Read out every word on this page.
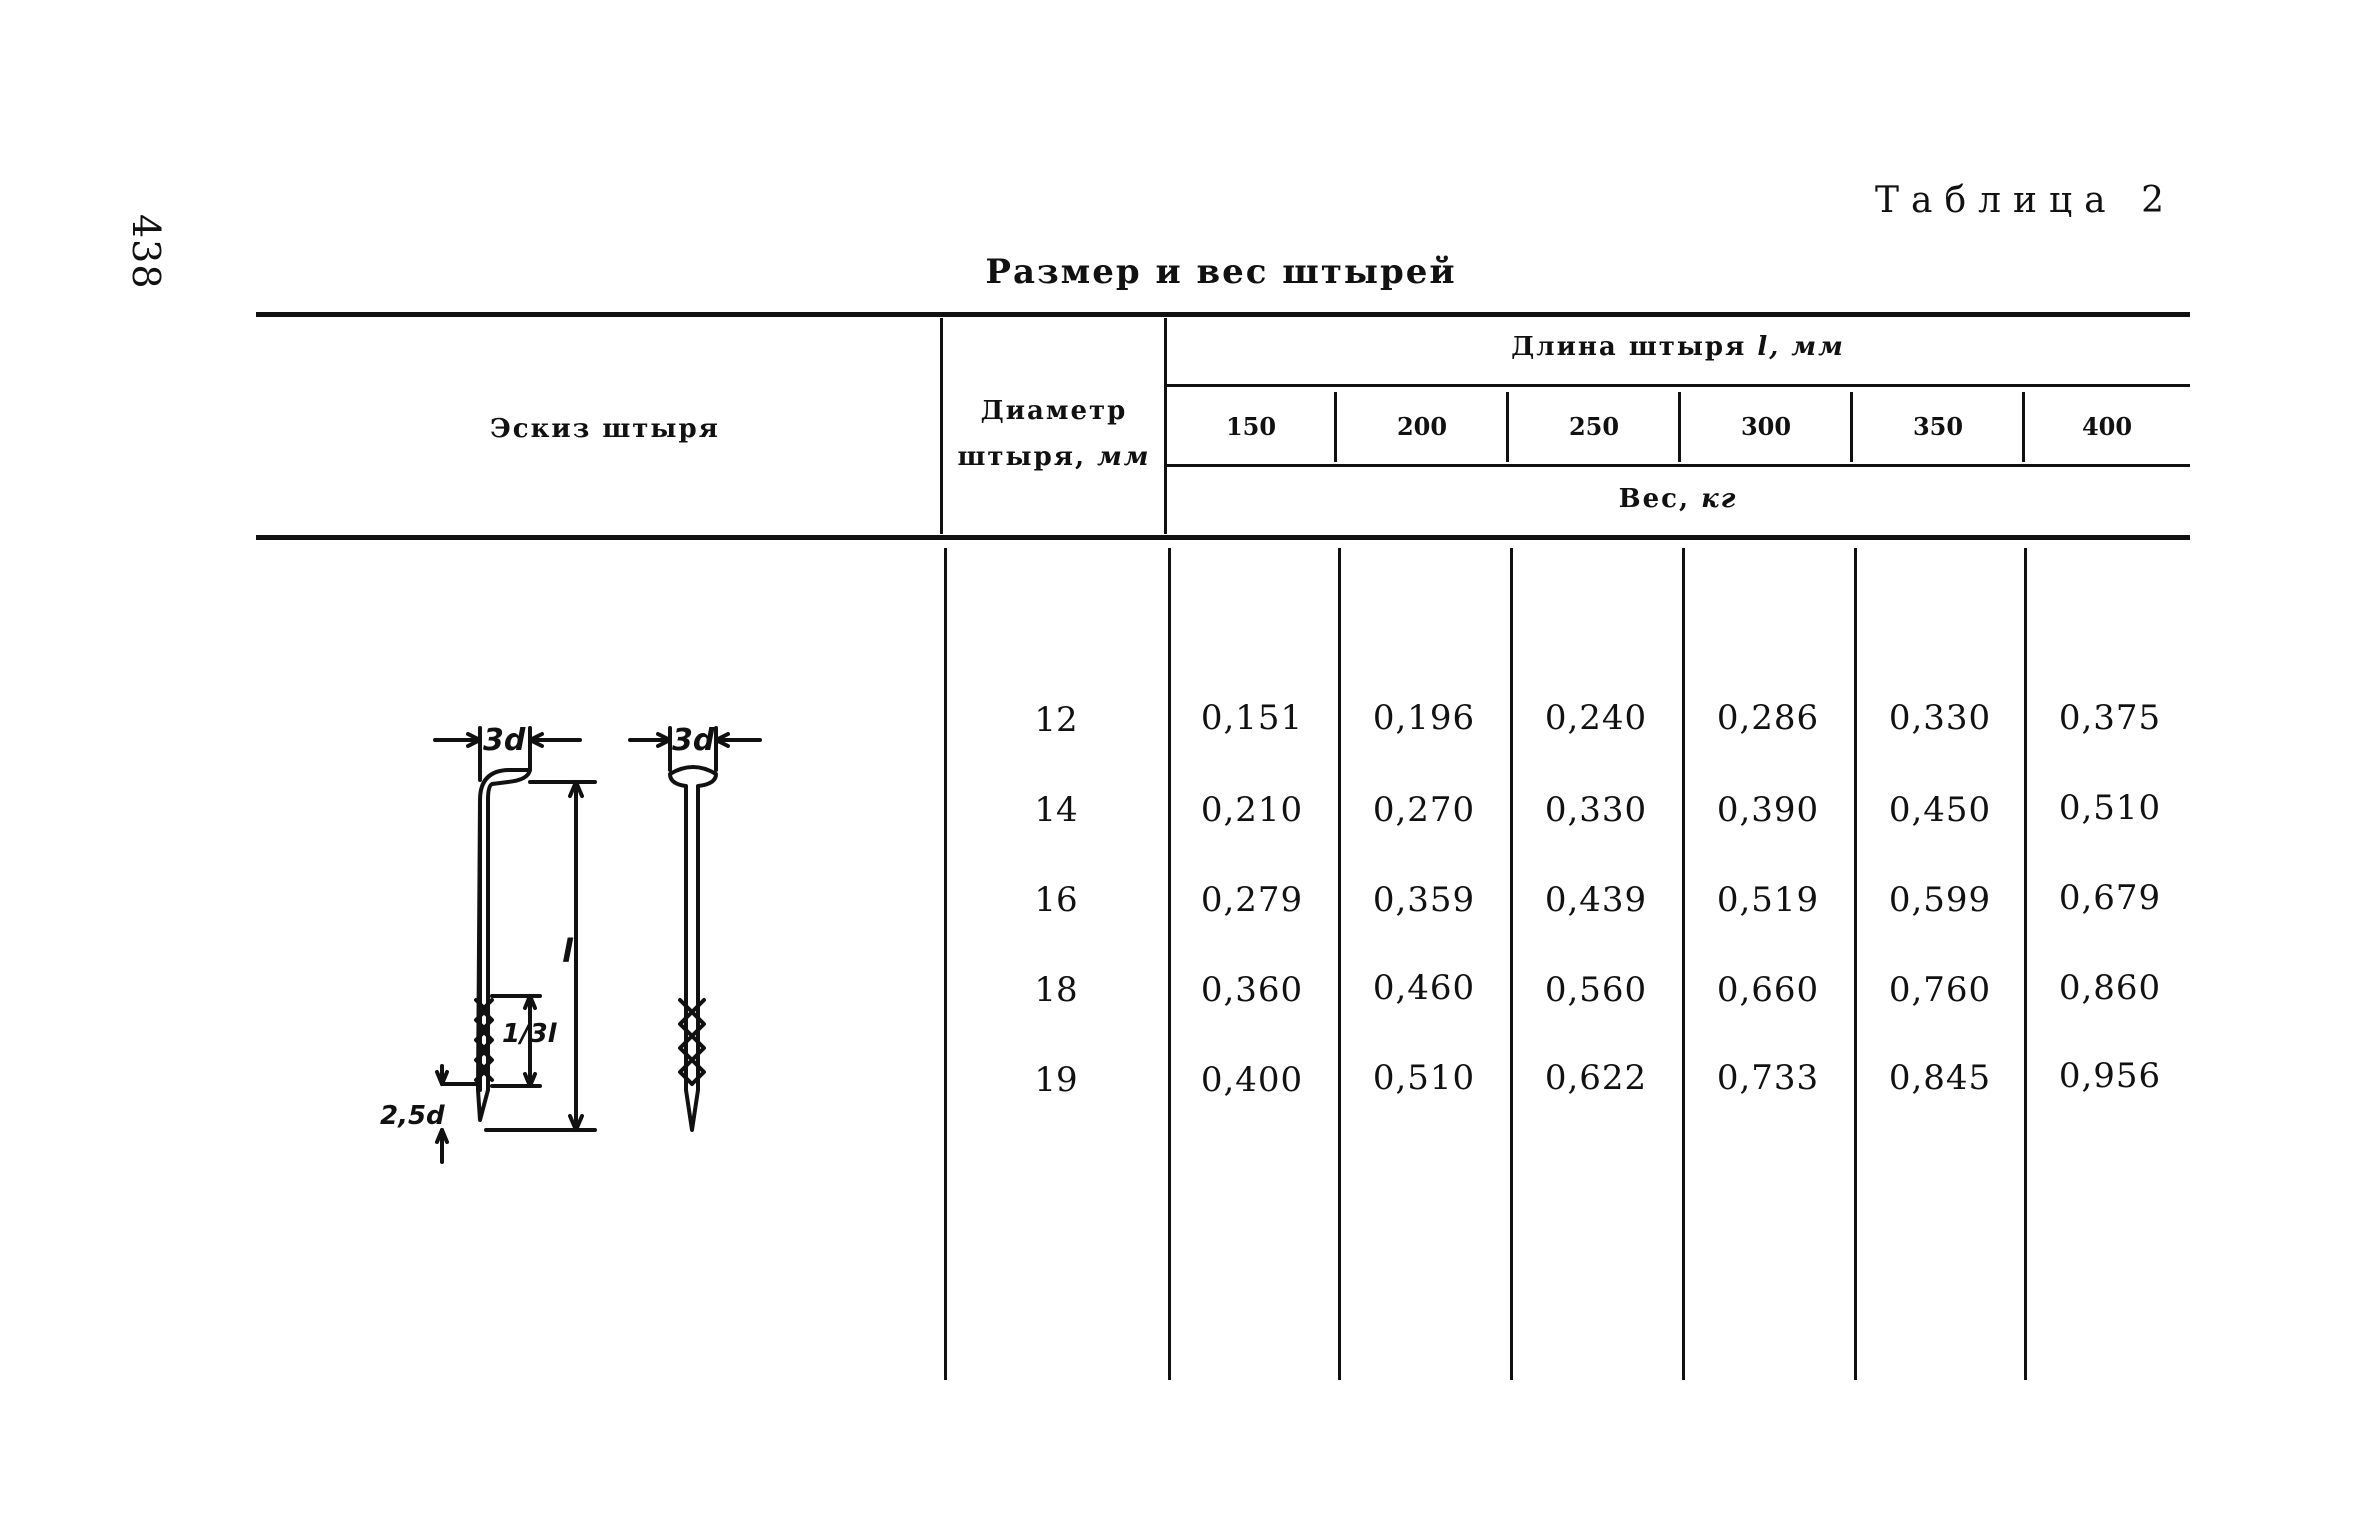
438
Таблица 2
Размер и вес штырей
Эскиз штыря
Диаметр
штыря, мм
Длина штыря l, мм
150	200	250	300	350	400
Вес, кг
12	0,151	0,196	0,240	0,286	0,330	0,375
14	0,210	0,270	0,330	0,390	0,450	0,510
16	0,279	0,359	0,439	0,519	0,599	0,679
18	0,360	0,460	0,560	0,660	0,760	0,860
19	0,400	0,510	0,622	0,733	0,845	0,956
3d
l
1/3l
2,5d
3d
